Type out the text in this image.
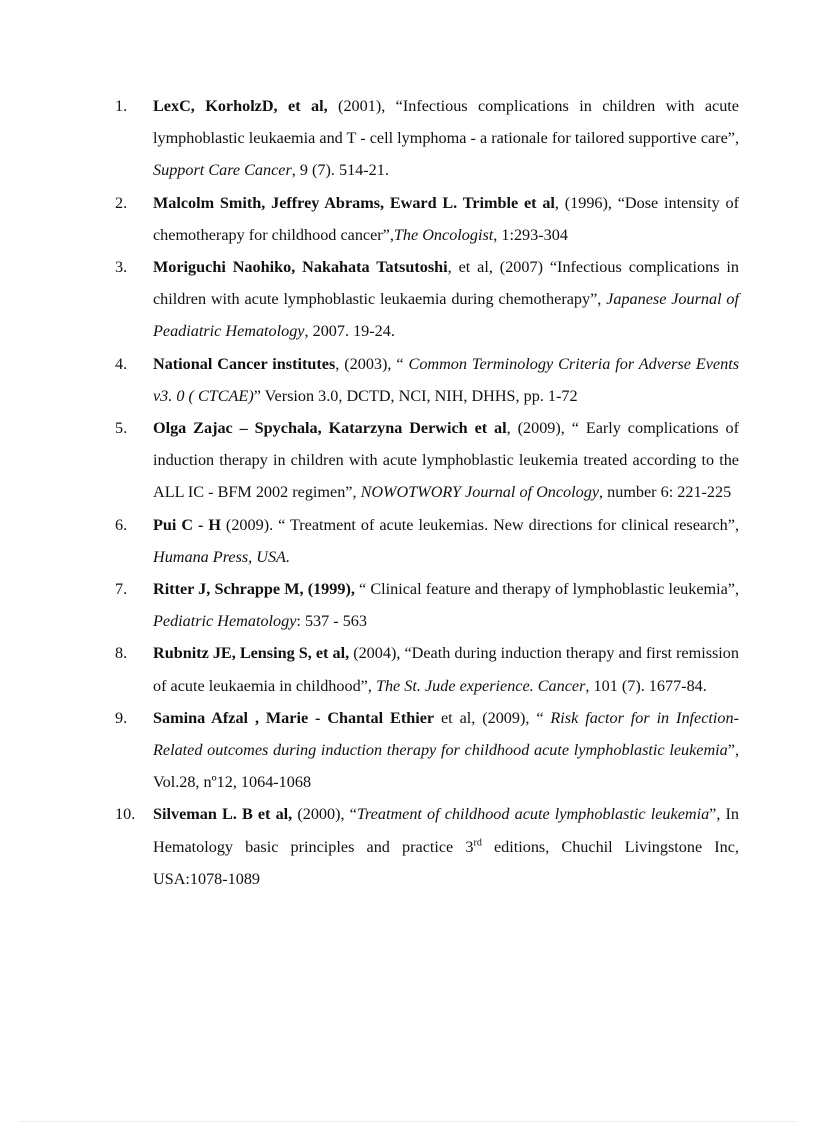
1.	LexC, KorholzD, et al, (2001), “Infectious complications in children with acute lymphoblastic leukaemia and T - cell lymphoma - a rationale for tailored supportive care”, Support Care Cancer, 9 (7). 514-21.
2.	Malcolm Smith, Jeffrey Abrams, Eward L. Trimble et al, (1996), “Dose intensity of chemotherapy for childhood cancer”,The Oncologist, 1:293-304
3.	Moriguchi Naohiko, Nakahata Tatsutoshi, et al, (2007) “Infectious complications in children with acute lymphoblastic leukaemia during chemotherapy”, Japanese Journal of Peadiatric Hematology, 2007. 19-24.
4.	National Cancer institutes, (2003), “ Common Terminology Criteria for Adverse Events v3. 0 ( CTCAE)” Version 3.0, DCTD, NCI, NIH, DHHS, pp. 1-72
5.	Olga Zajac – Spychala, Katarzyna Derwich et al, (2009), “ Early complications of induction therapy in children with acute lymphoblastic leukemia treated according to the ALL IC - BFM 2002 regimen”, NOWOTWORY Journal of Oncology, number 6: 221-225
6.	Pui C - H (2009). “ Treatment of acute leukemias. New directions for clinical research”, Humana Press, USA.
7.	Ritter J, Schrappe M, (1999), “ Clinical feature and therapy of lymphoblastic leukemia”, Pediatric Hematology: 537 - 563
8.	Rubnitz JE, Lensing S, et al, (2004), “Death during induction therapy and first remission of acute leukaemia in childhood”, The St. Jude experience. Cancer, 101 (7). 1677-84.
9.	Samina Afzal , Marie - Chantal Ethier et al, (2009), “ Risk factor for in Infection- Related outcomes during induction therapy for childhood acute lymphoblastic leukemia”, Vol.28, nº12, 1064-1068
10.	Silveman L. B et al, (2000), “Treatment of childhood acute lymphoblastic leukemia”, In Hematology basic principles and practice 3rd editions, Chuchil Livingstone Inc, USA:1078-1089
